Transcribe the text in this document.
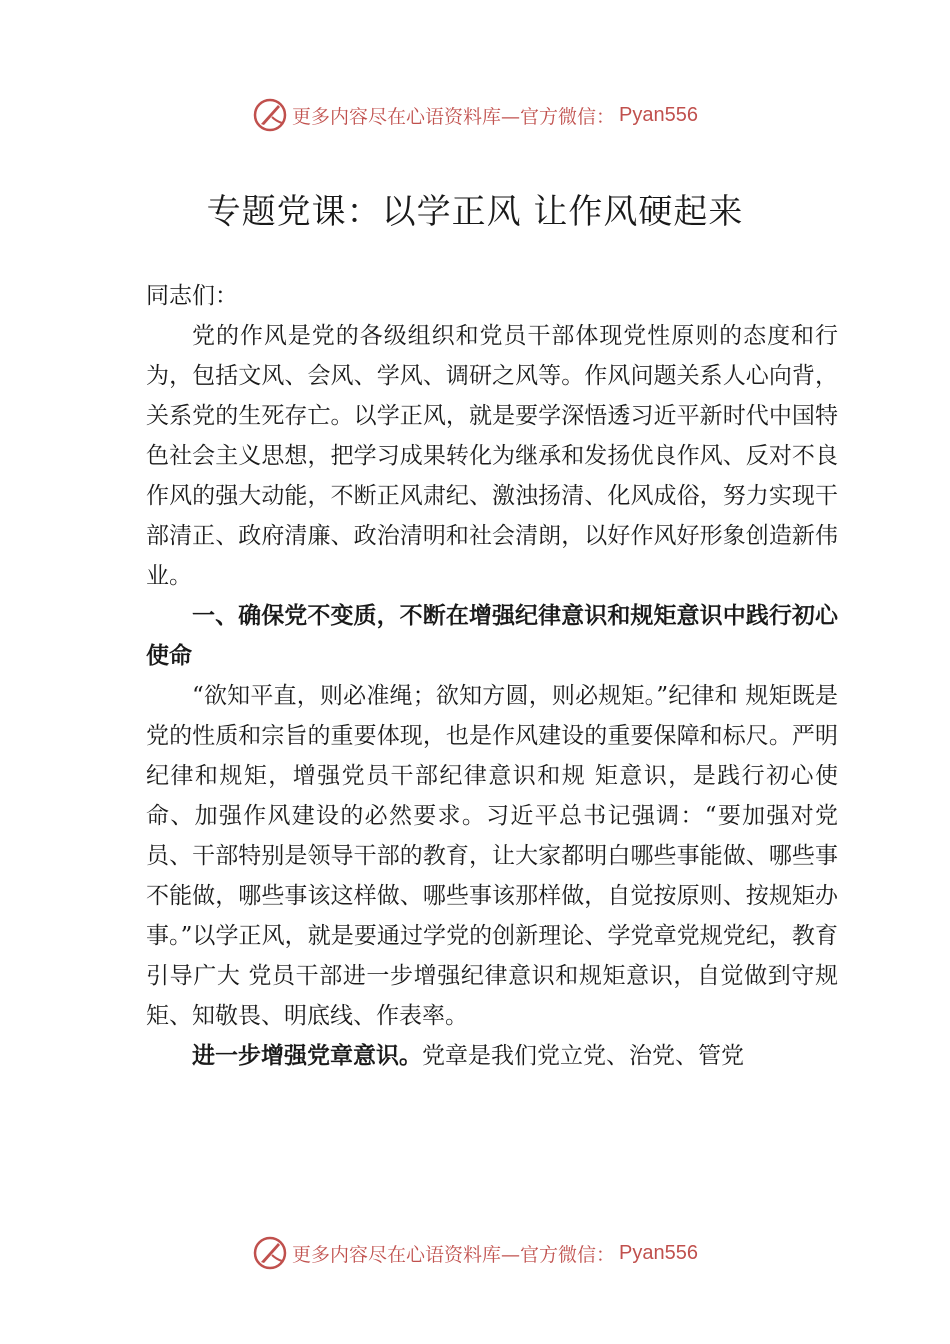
更多内容尽在心语资料库—官方微信： Pyan556
专题党课：以学正风 让作风硬起来

同志们：

党的作风是党的各级组织和党员干部体现党性原则的态度和行为，包括文风、会风、学风、调研之风等。作风问题关系人心向背，关系党的生死存亡。以学正风，就是要学深悟透习近平新时代中国特色社会主义思想，把学习成果转化为继承和发扬优良作风、反对不良作风的强大动能，不断正风肃纪、激浊扬清、化风成俗，努力实现干部清正、政府清廉、政治清明和社会清朗，以好作风好形象创造新伟业。

一、确保党不变质，不断在增强纪律意识和规矩意识中践行初心使命

“欲知平直，则必准绳；欲知方圆，则必规矩。”纪律和 规矩既是党的性质和宗旨的重要体现，也是作风建设的重要保障和标尺。严明纪律和规矩，增强党员干部纪律意识和规 矩意识，是践行初心使命、加强作风建设的必然要求。习近平总书记强调：“要加强对党员、干部特别是领导干部的教育，让大家都明白哪些事能做、哪些事不能做，哪些事该这样做、哪些事该那样做，自觉按原则、按规矩办事。”以学正风，就是要通过学党的创新理论、学党章党规党纪，教育引导广大 党员干部进一步增强纪律意识和规矩意识，自觉做到守规矩、知敬畏、明底线、作表率。

进一步增强党章意识。党章是我们党立党、治党、管党

更多内容尽在心语资料库—官方微信： Pyan556
